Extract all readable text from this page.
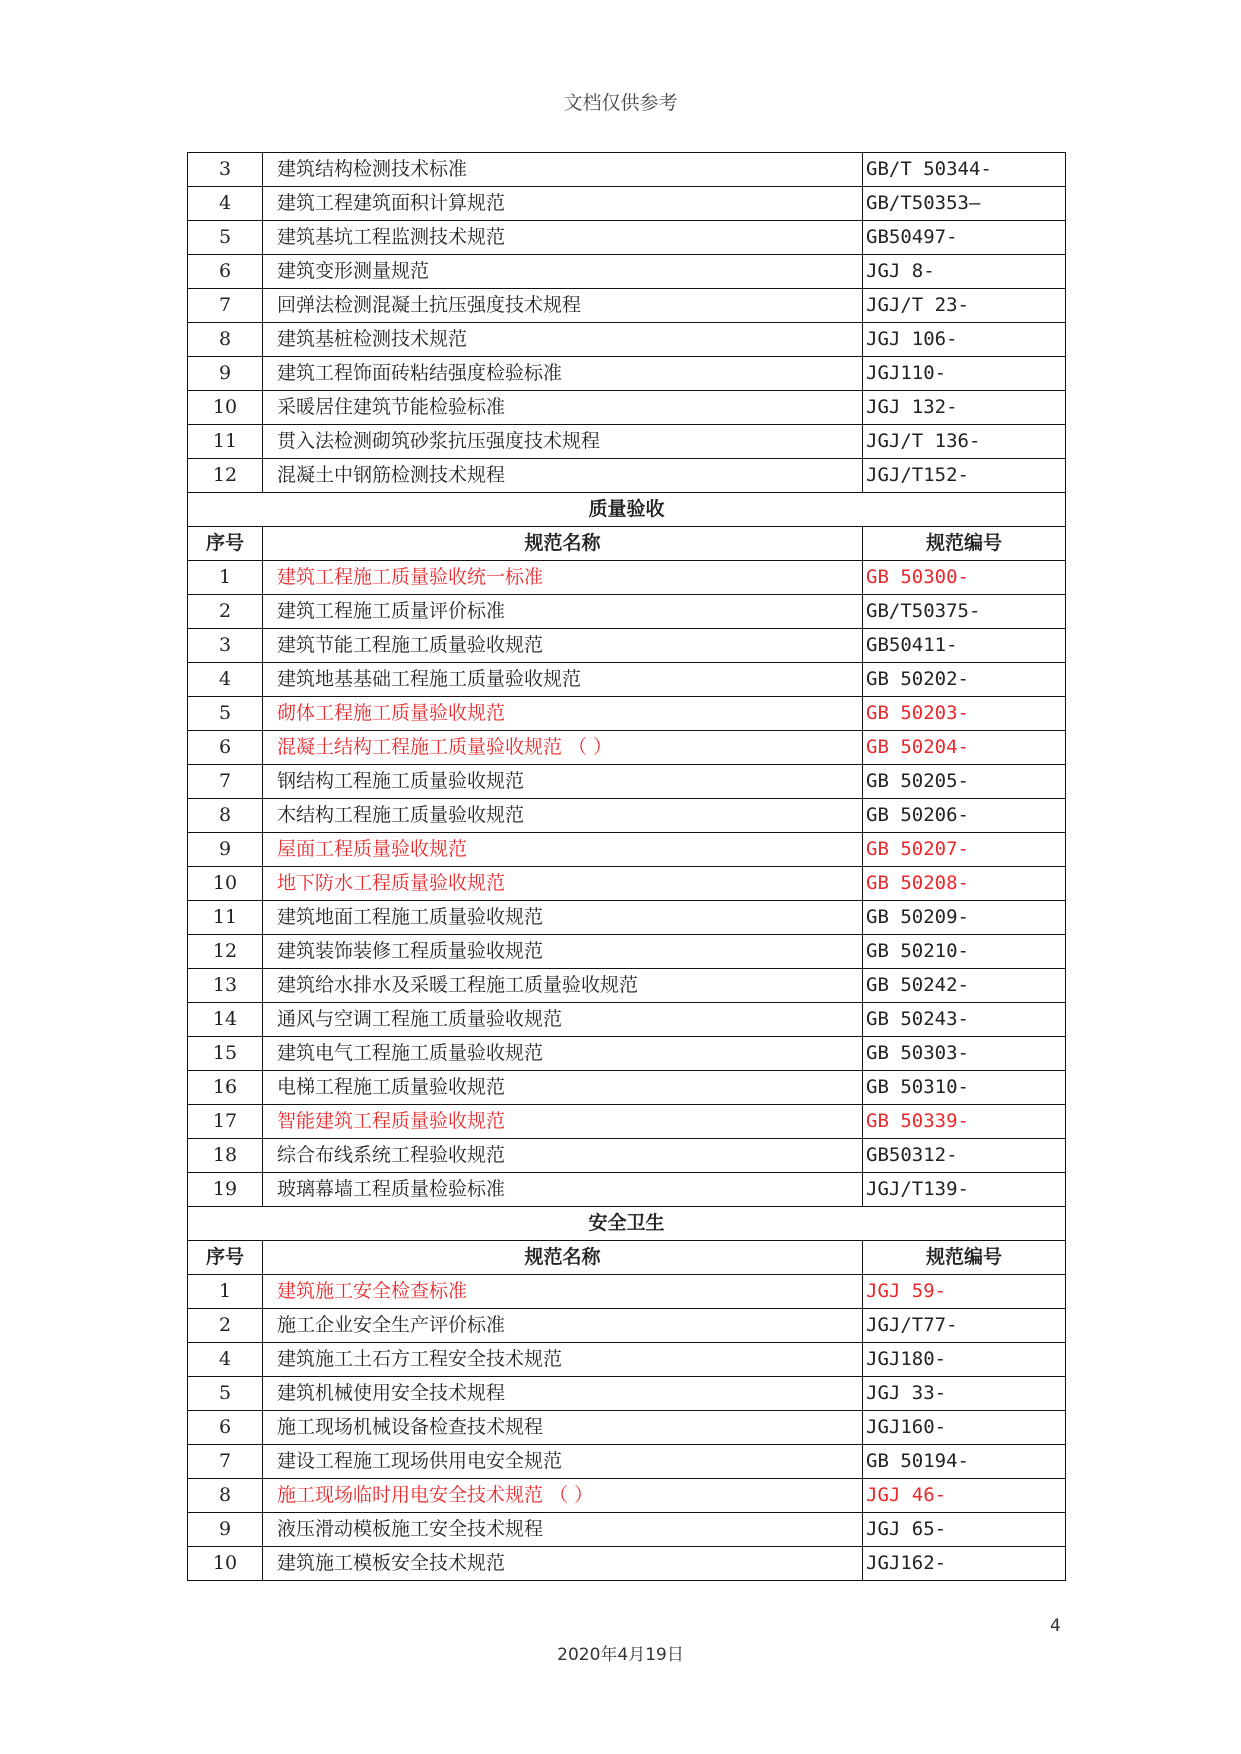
文档仅供参考
3	建筑结构检测技术标准	GB/T 50344-
4	建筑工程建筑面积计算规范	GB/T50353—
5	建筑基坑工程监测技术规范	GB50497-
6	建筑变形测量规范	JGJ 8-
7	回弹法检测混凝土抗压强度技术规程	JGJ/T 23-
8	建筑基桩检测技术规范	JGJ 106-
9	建筑工程饰面砖粘结强度检验标准	JGJ110-
10	采暖居住建筑节能检验标准	JGJ 132-
11	贯入法检测砌筑砂浆抗压强度技术规程	JGJ/T 136-
12	混凝土中钢筋检测技术规程	JGJ/T152-
质量验收		
序号	规范名称	规范编号
1	建筑工程施工质量验收统一标准	GB 50300-
2	建筑工程施工质量评价标准	GB/T50375-
3	建筑节能工程施工质量验收规范	GB50411-
4	建筑地基基础工程施工质量验收规范	GB 50202-
5	砌体工程施工质量验收规范	GB 50203-
6	混凝土结构工程施工质量验收规范 （ ）	GB 50204-
7	钢结构工程施工质量验收规范	GB 50205-
8	木结构工程施工质量验收规范	GB 50206-
9	屋面工程质量验收规范	GB 50207-
10	地下防水工程质量验收规范	GB 50208-
11	建筑地面工程施工质量验收规范	GB 50209-
12	建筑装饰装修工程质量验收规范	GB 50210-
13	建筑给水排水及采暖工程施工质量验收规范	GB 50242-
14	通风与空调工程施工质量验收规范	GB 50243-
15	建筑电气工程施工质量验收规范	GB 50303-
16	电梯工程施工质量验收规范	GB 50310-
17	智能建筑工程质量验收规范	GB 50339-
18	综合布线系统工程验收规范	GB50312-
19	玻璃幕墙工程质量检验标准	JGJ/T139-
安全卫生		
序号	规范名称	规范编号
1	建筑施工安全检查标准	JGJ 59-
2	施工企业安全生产评价标准	JGJ/T77-
4	建筑施工土石方工程安全技术规范	JGJ180-
5	建筑机械使用安全技术规程	JGJ 33-
6	施工现场机械设备检查技术规程	JGJ160-
7	建设工程施工现场供用电安全规范	GB 50194-
8	施工现场临时用电安全技术规范 （ ）	JGJ 46-
9	液压滑动模板施工安全技术规程	JGJ 65-
10	建筑施工模板安全技术规范	JGJ162-
4
2020年4月19日
